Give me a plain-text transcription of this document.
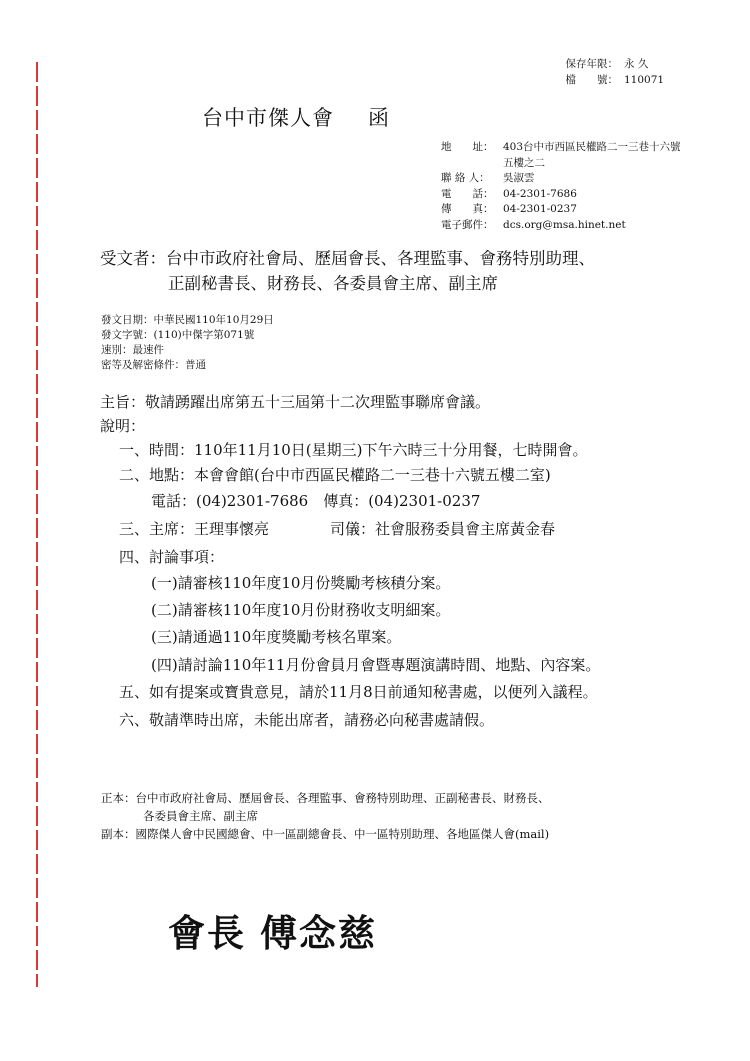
保存年限： 永 久
檔　　號： 110071
台中市傑人會 函
地　　址： 403台中市西區民權路二一三巷十六號
五樓之二
聯 絡 人： 吳淑雲
電　　話： 04-2301-7686
傳　　真： 04-2301-0237
電子郵件： dcs.org@msa.hinet.net
受文者：台中市政府社會局、歷屆會長、各理監事、會務特別助理、
正副秘書長、財務長、各委員會主席、副主席
發文日期：中華民國110年10月29日
發文字號：(110)中傑字第071號
速別：最速件
密等及解密條件：普通
主旨：敬請踴躍出席第五十三屆第十二次理監事聯席會議。
說明：
一、時間：110年11月10日(星期三)下午六時三十分用餐，七時開會。
二、地點：本會會館(台中市西區民權路二一三巷十六號五樓二室)
電話：(04)2301-7686　傳真：(04)2301-0237
三、主席：王理事懷亮	司儀：社會服務委員會主席黃金春
四、討論事項：
(一)請審核110年度10月份獎勵考核積分案。
(二)請審核110年度10月份財務收支明細案。
(三)請通過110年度獎勵考核名單案。
(四)請討論110年11月份會員月會暨專題演講時間、地點、內容案。
五、如有提案或寶貴意見，請於11月8日前通知秘書處，以便列入議程。
六、敬請準時出席，未能出席者，請務必向秘書處請假。
正本：台中市政府社會局、歷屆會長、各理監事、會務特別助理、正副秘書長、財務長、
各委員會主席、副主席
副本：國際傑人會中民國總會、中一區副總會長、中一區特別助理、各地區傑人會(mail)
會長 傅念慈
